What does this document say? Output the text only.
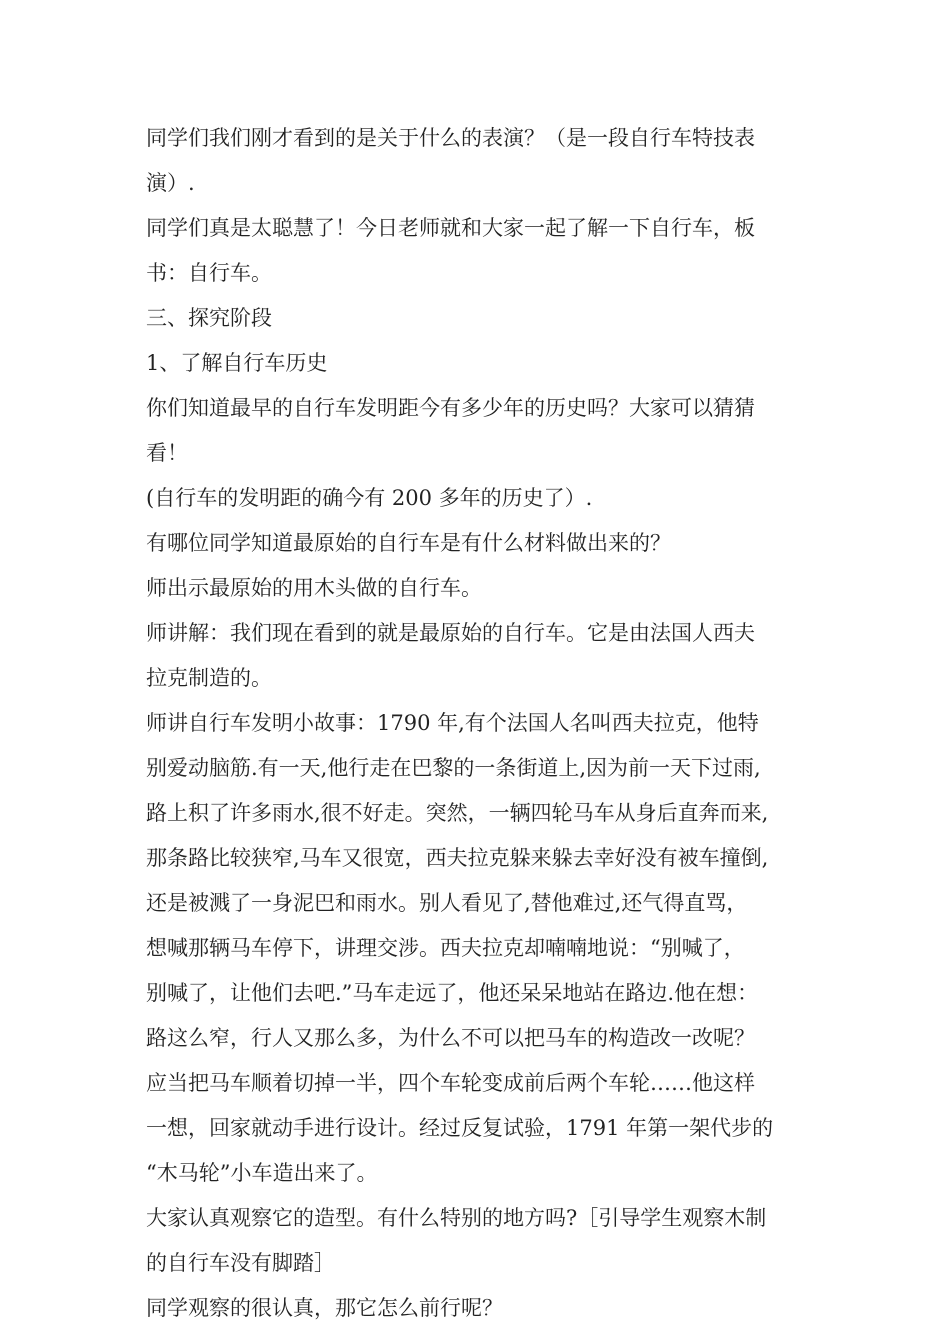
同学们我们刚才看到的是关于什么的表演？（是一段自行车特技表
演）.
同学们真是太聪慧了！今日老师就和大家一起了解一下自行车，板
书：自行车。
三、探究阶段
1、了解自行车历史
你们知道最早的自行车发明距今有多少年的历史吗？大家可以猜猜
看！
(自行车的发明距的确今有 200 多年的历史了）.
有哪位同学知道最原始的自行车是有什么材料做出来的？
师出示最原始的用木头做的自行车。
师讲解：我们现在看到的就是最原始的自行车。它是由法国人西夫
拉克制造的。
师讲自行车发明小故事：1790 年,有个法国人名叫西夫拉克，他特
别爱动脑筋.有一天,他行走在巴黎的一条街道上,因为前一天下过雨,
路上积了许多雨水,很不好走。突然，一辆四轮马车从身后直奔而来,
那条路比较狭窄,马车又很宽，西夫拉克躲来躲去幸好没有被车撞倒,
还是被溅了一身泥巴和雨水。别人看见了,替他难过,还气得直骂，
想喊那辆马车停下，讲理交涉。西夫拉克却喃喃地说：“别喊了，
别喊了，让他们去吧.”马车走远了，他还呆呆地站在路边.他在想：
路这么窄，行人又那么多，为什么不可以把马车的构造改一改呢？
应当把马车顺着切掉一半，四个车轮变成前后两个车轮……他这样
一想，回家就动手进行设计。经过反复试验，1791 年第一架代步的
“木马轮”小车造出来了。
大家认真观察它的造型。有什么特别的地方吗?［引导学生观察木制
的自行车没有脚踏］
同学观察的很认真，那它怎么前行呢？
